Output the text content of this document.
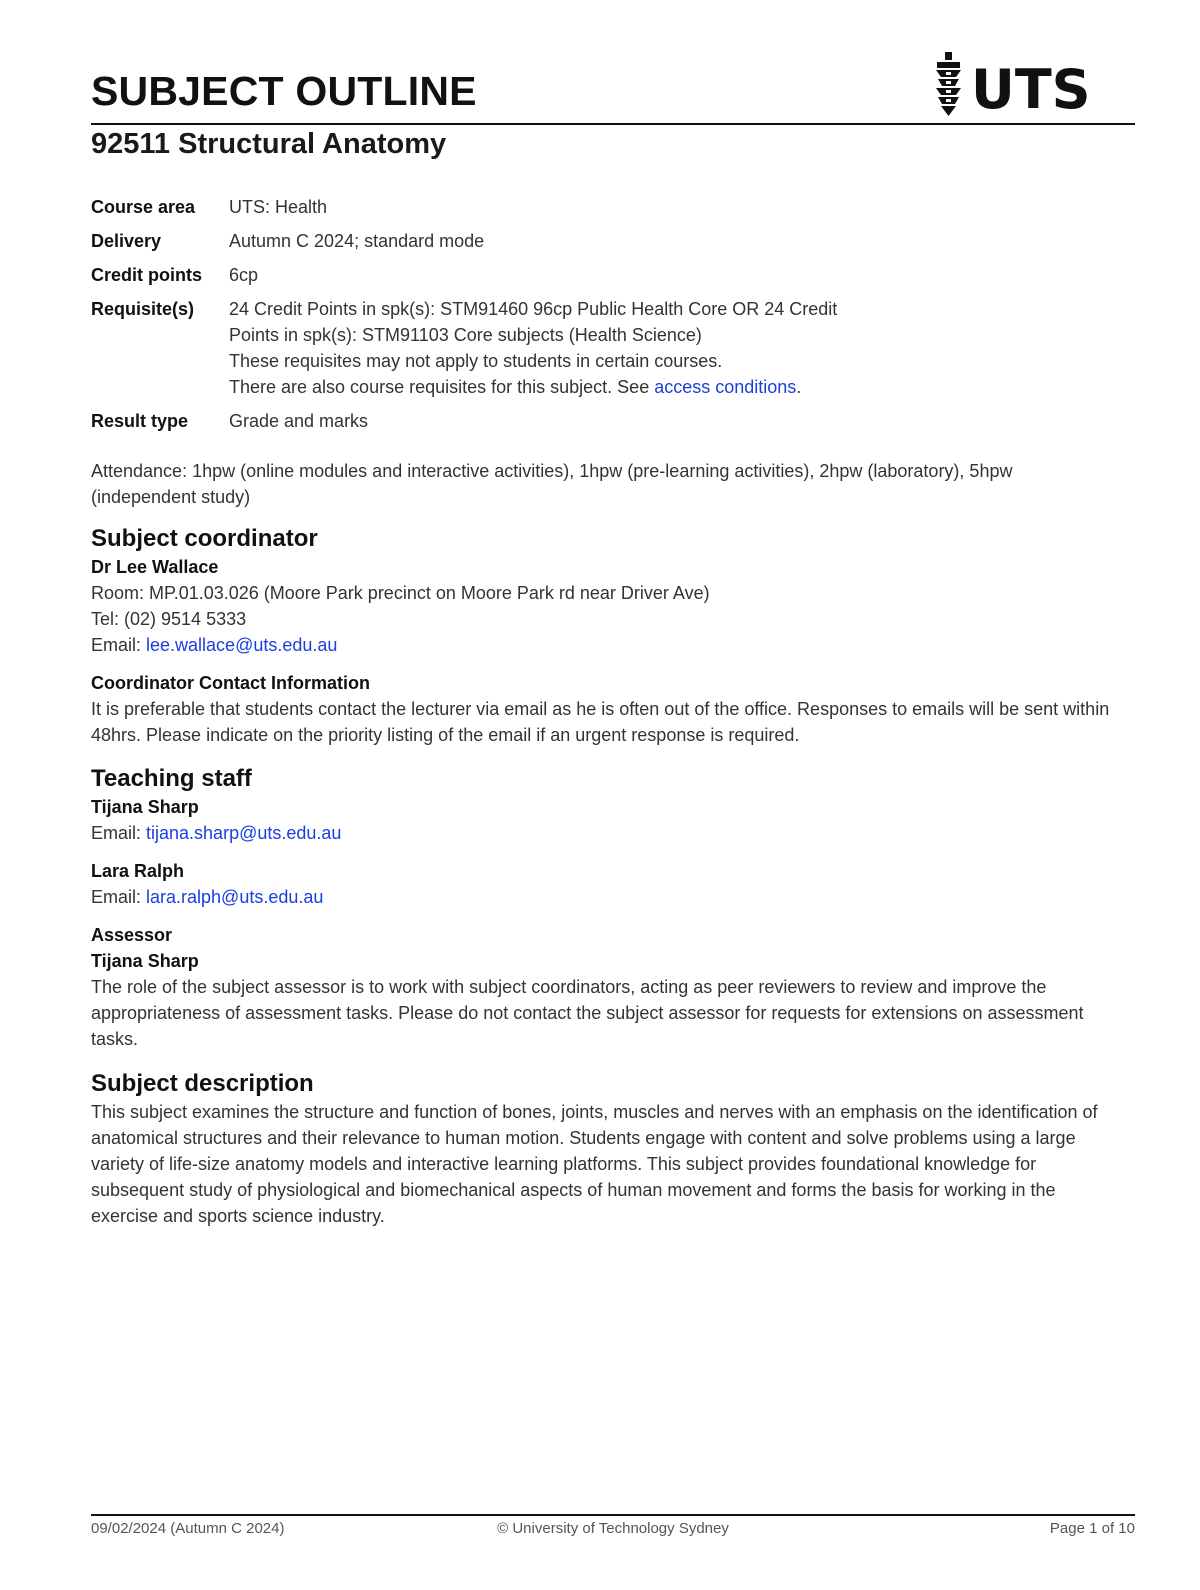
SUBJECT OUTLINE	UTS
92511 Structural Anatomy
Course area	UTS: Health
Delivery	Autumn C 2024; standard mode
Credit points	6cp
Requisite(s)	24 Credit Points in spk(s): STM91460 96cp Public Health Core OR 24 Credit
Points in spk(s): STM91103 Core subjects (Health Science)
These requisites may not apply to students in certain courses.
There are also course requisites for this subject. See access conditions.
Result type	Grade and marks
Attendance: 1hpw (online modules and interactive activities), 1hpw (pre-learning activities), 2hpw (laboratory), 5hpw (independent study)
Subject coordinator
Dr Lee Wallace
Room: MP.01.03.026 (Moore Park precinct on Moore Park rd near Driver Ave)
Tel: (02) 9514 5333
Email: lee.wallace@uts.edu.au
Coordinator Contact Information
It is preferable that students contact the lecturer via email as he is often out of the office. Responses to emails will be sent within 48hrs. Please indicate on the priority listing of the email if an urgent response is required.
Teaching staff
Tijana Sharp
Email: tijana.sharp@uts.edu.au
Lara Ralph
Email: lara.ralph@uts.edu.au
Assessor
Tijana Sharp
The role of the subject assessor is to work with subject coordinators, acting as peer reviewers to review and improve the appropriateness of assessment tasks. Please do not contact the subject assessor for requests for extensions on assessment tasks.
Subject description
This subject examines the structure and function of bones, joints, muscles and nerves with an emphasis on the identification of anatomical structures and their relevance to human motion. Students engage with content and solve problems using a large variety of life-size anatomy models and interactive learning platforms. This subject provides foundational knowledge for subsequent study of physiological and biomechanical aspects of human movement and forms the basis for working in the exercise and sports science industry.
09/02/2024 (Autumn C 2024)	© University of Technology Sydney	Page 1 of 10
